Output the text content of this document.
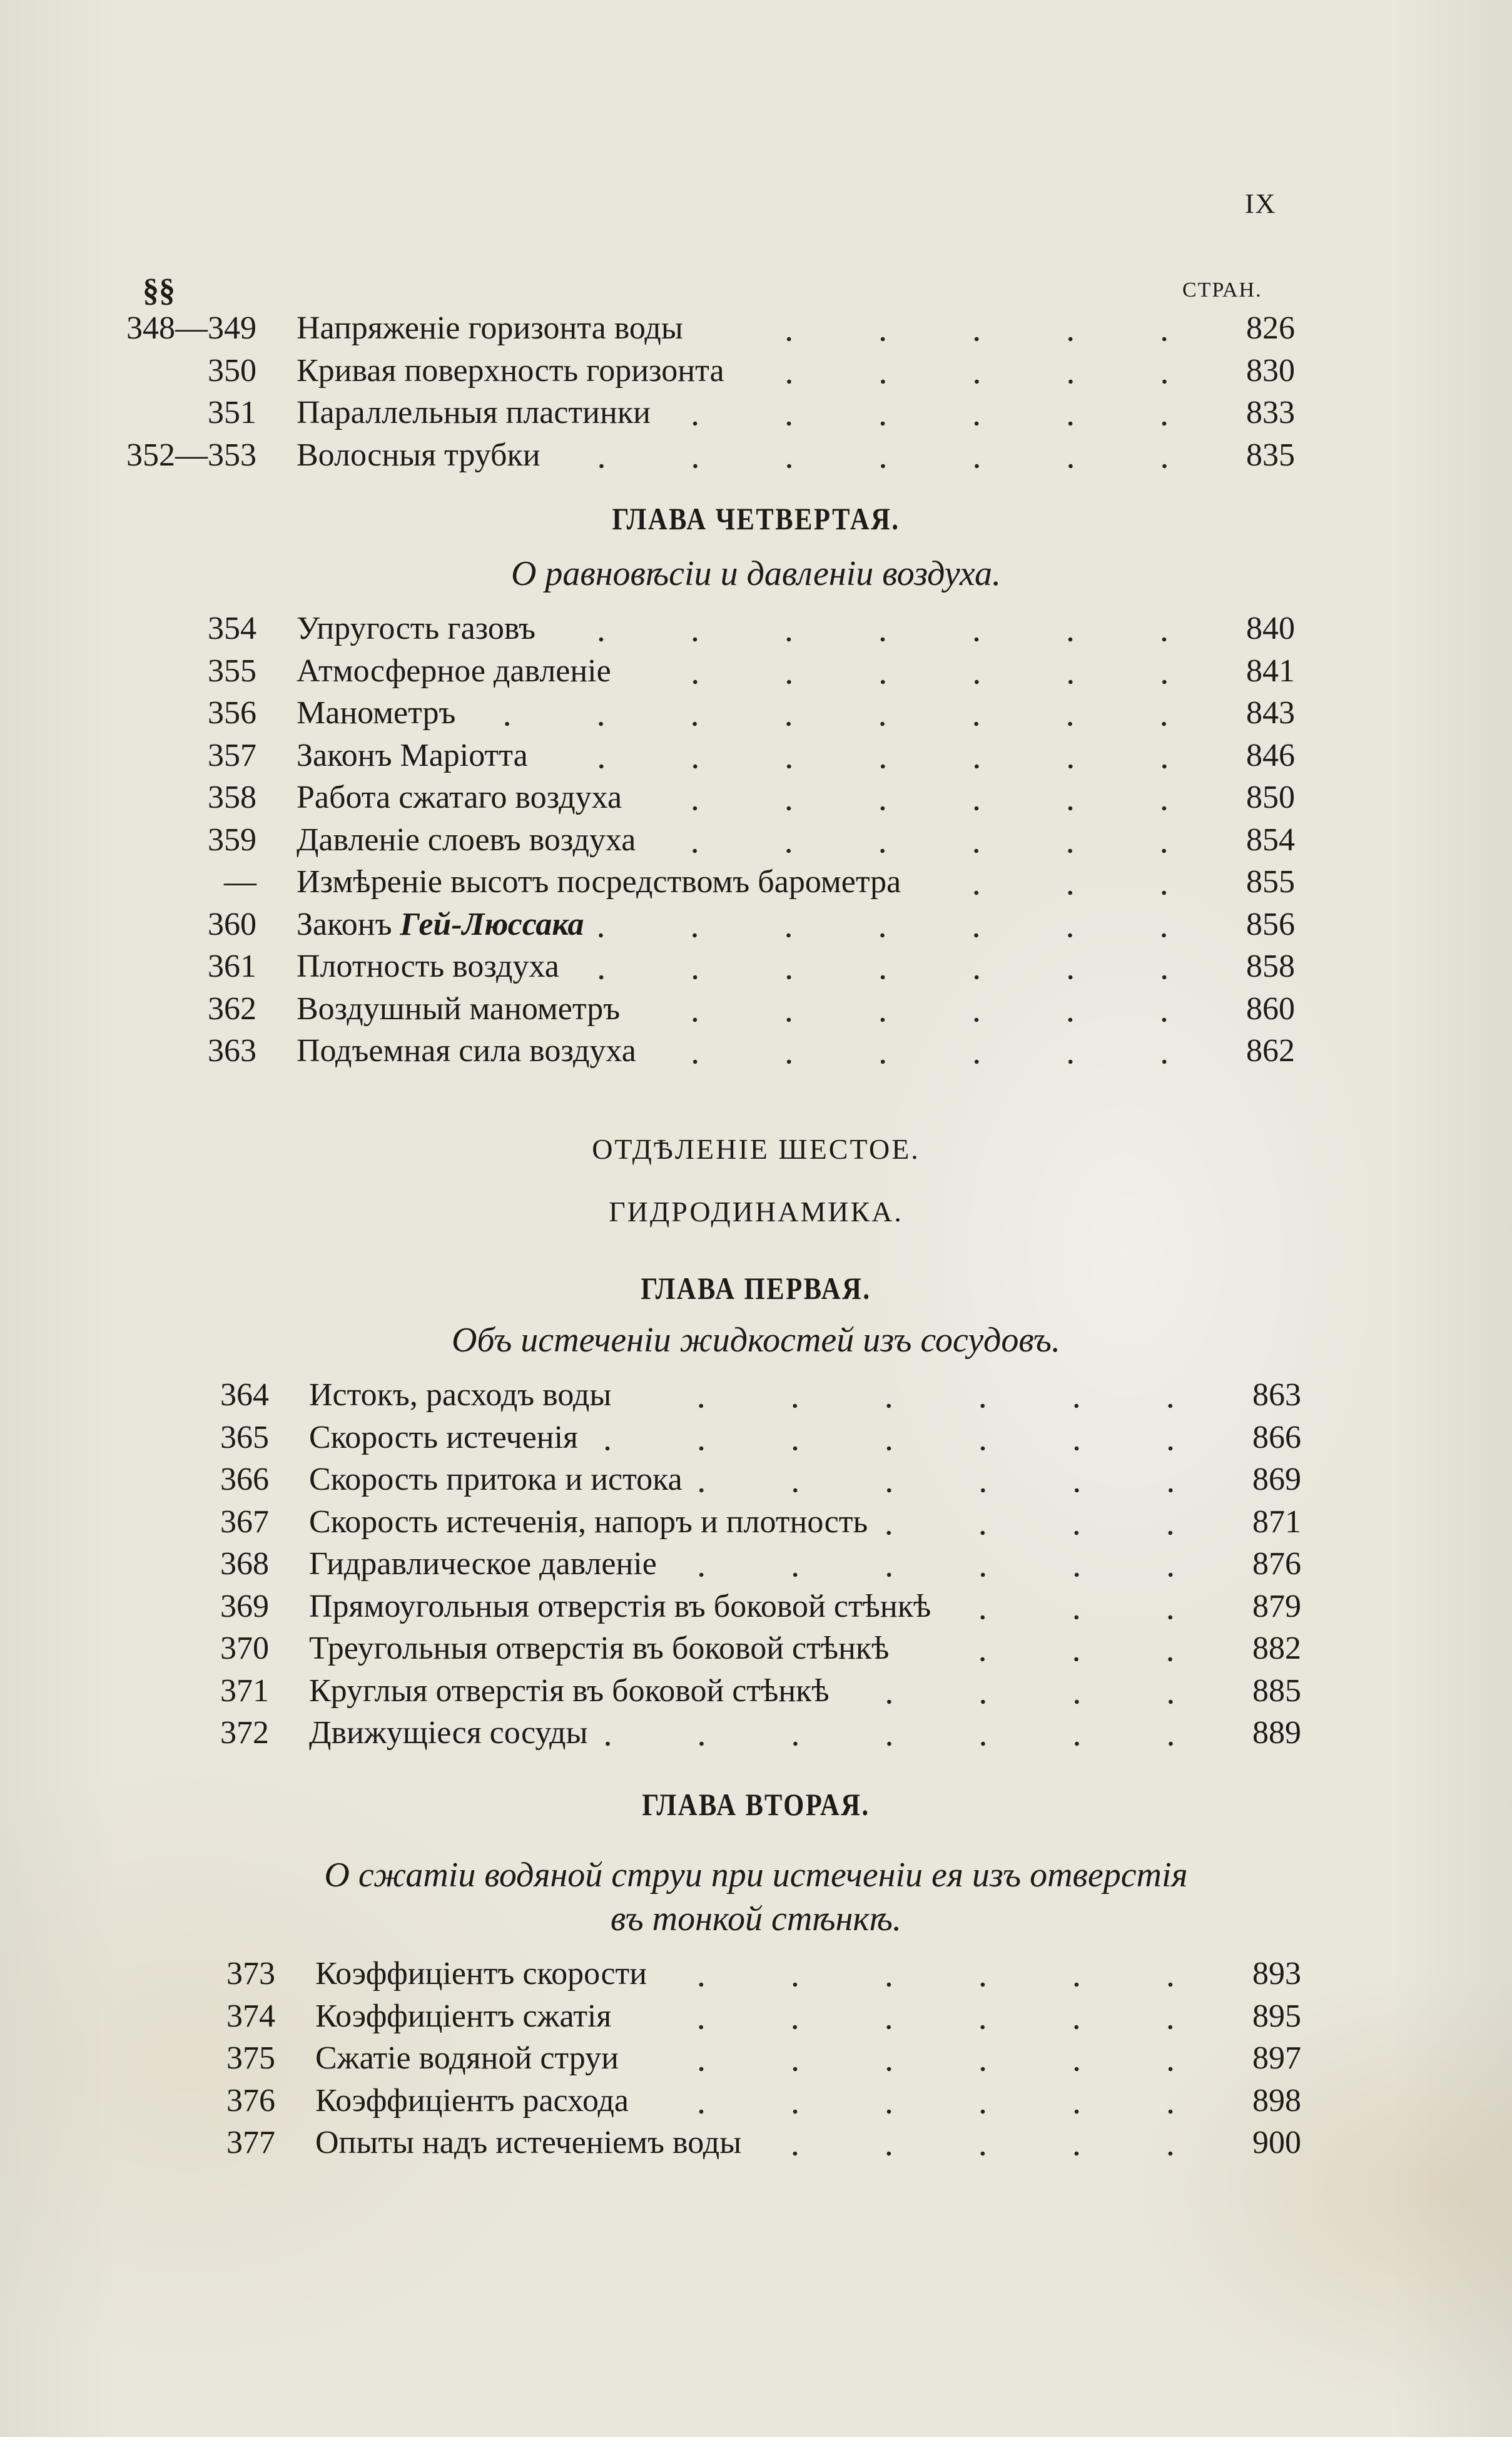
IX
§§	СТРАН.
348—349 Напряженіе горизонта воды	826
350 Кривая поверхность горизонта	830
351 Параллельныя пластинки	833
352—353 Волосныя трубки	835
ГЛАВА ЧЕТВЕРТАЯ.
О равновѣсіи и давленіи воздуха.
354 Упругость газовъ	840
355 Атмосферное давленіе	841
356 Манометръ	843
357 Законъ Маріотта	846
358 Работа сжатаго воздуха	850
359 Давленіе слоевъ воздуха	854
— Измѣреніе высотъ посредствомъ барометра	855
360 Законъ Гей-Люссака	856
361 Плотность воздуха	858
362 Воздушный манометръ	860
363 Подъемная сила воздуха	862
ОТДѢЛЕНІЕ ШЕСТОЕ.
ГИДРОДИНАМИКА.
ГЛАВА ПЕРВАЯ.
Объ истеченіи жидкостей изъ сосудовъ.
364 Истокъ, расходъ воды	863
365 Скорость истеченія	866
366 Скорость притока и истока	869
367 Скорость истеченія, напоръ и плотность	871
368 Гидравлическое давленіе	876
369 Прямоугольныя отверстія въ боковой стѣнкѣ	879
370 Треугольныя отверстія въ боковой стѣнкѣ	882
371 Круглыя отверстія въ боковой стѣнкѣ	885
372 Движущіеся сосуды	889
ГЛАВА ВТОРАЯ.
О сжатіи водяной струи при истеченіи ея изъ отверстія
въ тонкой стѣнкѣ.
373 Коэффиціентъ скорости	893
374 Коэффиціентъ сжатія	895
375 Сжатіе водяной струи	897
376 Коэффиціентъ расхода	898
377 Опыты надъ истеченіемъ воды	900
